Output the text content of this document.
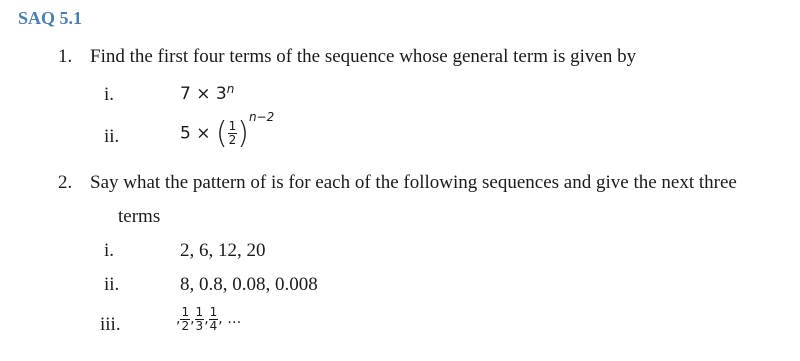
SAQ 5.1
1. Find the first four terms of the sequence whose general term is given by
i.	$7 \times 3^n$
ii.	5 × ( $\frac{1}{2} )^{n-2}$
2. Say what the pattern of is for each of the following sequences and give the next three
terms
i.	2, 6, 12, 20
ii.	8, 0.8, 0.08, 0.008
iii.	, $\frac{1}{2}$ , $\frac{1}{3}$ , $\frac{1}{4}$ , …
